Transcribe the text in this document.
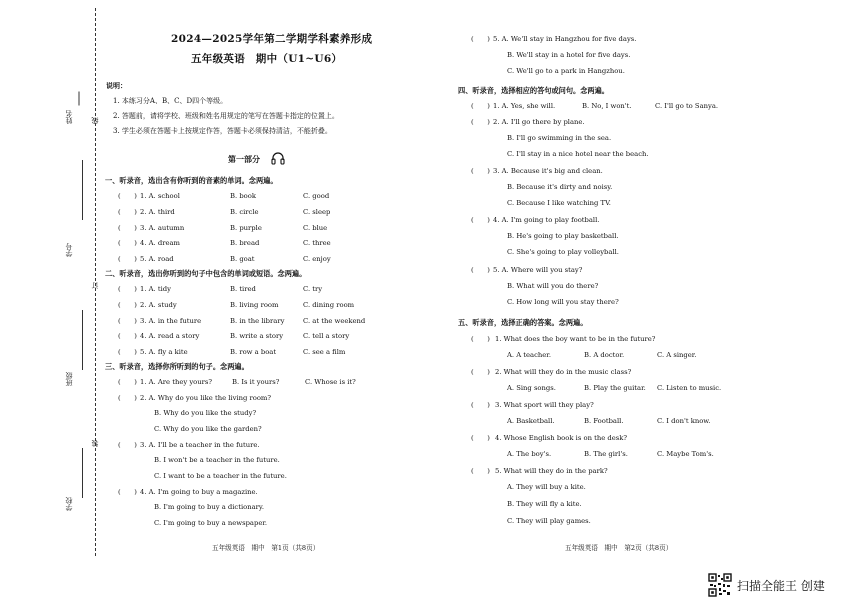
姓名	线
学号
订
班级
装
学校
2024—2025学年第二学期学科素养形成
五年级英语　期中（U1~U6）
说明：
1. 本练习分A、B、C、D四个等级。
2. 答题前，请将学校、班级和姓名用规定的笔写在答题卡指定的位置上。
3. 学生必须在答题卡上按规定作答，答题卡必须保持清洁，不能折叠。
第一部分
一、听录音，选出含有你听到的音素的单词。念两遍。
二、听录音，选出你听到的句子中包含的单词或短语。念两遍。
三、听录音，选择你所听到的句子。念两遍。
(　　) 1. A. school	B. book	C. good
(　　) 2. A. third	B. circle	C. sleep
(　　) 3. A. autumn	B. purple	C. blue
(　　) 4. A. dream	B. bread	C. three
(　　) 5. A. road	B. goat	C. enjoy
(　　) 1. A. tidy	B. tired	C. try
(　　) 2. A. study	B. living room	C. dining room
(　　) 3. A. in the future	B. in the library	C. at the weekend
(　　) 4. A. read a story	B. write a story	C. tell a story
(　　) 5. A. fly a kite	B. row a boat	C. see a film
(　　) 1. A. Are they yours?	B. Is it yours?	C. Whose is it?
(　　) 2. A. Why do you like the living room?
B. Why do you like the study?
C. Why do you like the garden?
(　　) 3. A. I'll be a teacher in the future.
B. I won't be a teacher in the future.
C. I want to be a teacher in the future.
(　　) 4. A. I'm going to buy a magazine.
B. I'm going to buy a dictionary.
C. I'm going to buy a newspaper.
五年级英语　期中　第1页（共8页）
(　　) 5. A. We'll stay in Hangzhou for five days.
B. We'll stay in a hotel for five days.
C. We'll go to a park in Hangzhou.
四、听录音，选择相应的答句或问句。念两遍。
(　　) 1. A. Yes, she will.	B. No, I won't.	C. I'll go to Sanya.
(　　) 2. A. I'll go there by plane.
B. I'll go swimming in the sea.
C. I'll stay in a nice hotel near the beach.
(　　) 3. A. Because it's big and clean.
B. Because it's dirty and noisy.
C. Because I like watching TV.
(　　) 4. A. I'm going to play football.
B. He's going to play basketball.
C. She's going to play volleyball.
(　　) 5. A. Where will you stay?
B. What will you do there?
C. How long will you stay there?
五、听录音，选择正确的答案。念两遍。
(　　) 1. What does the boy want to be in the future?
A. A teacher.	B. A doctor.	C. A singer.
(　　) 2. What will they do in the music class?
A. Sing songs.	B. Play the guitar. C. Listen to music.
(　　) 3. What sport will they play?
A. Basketball.	B. Football.	C. I don't know.
(　　) 4. Whose English book is on the desk?
A. The boy's.	B. The girl's.	C. Maybe Tom's.
(　　) 5. What will they do in the park?
A. They will buy a kite.
B. They will fly a kite.
C. They will play games.
五年级英语　期中　第2页（共8页）
扫描全能王 创建
